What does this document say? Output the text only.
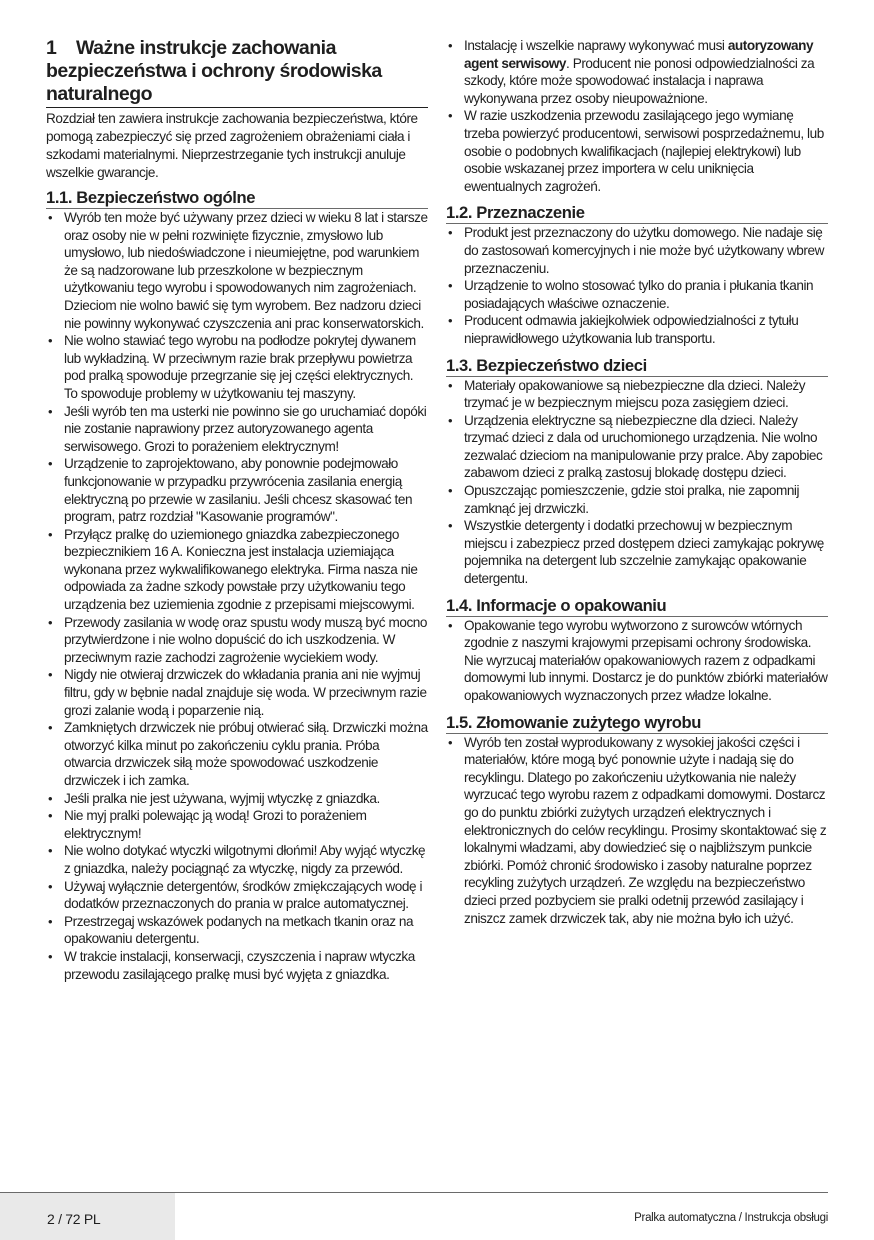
1 Ważne instrukcje zachowania bezpieczeństwa i ochrony środowiska naturalnego

Rozdział ten zawiera instrukcje zachowania bezpieczeństwa, które pomogą zabezpieczyć się przed zagrożeniem obrażeniami ciała i szkodami materialnymi. Nieprzestrzeganie tych instrukcji anuluje wszelkie gwarancje.

1.1. Bezpieczeństwo ogólne
• Wyrób ten może być używany przez dzieci w wieku 8 lat i starsze oraz osoby nie w pełni rozwinięte fizycznie, zmysłowo lub umysłowo, lub niedoświadczone i nieumiejętne, pod warunkiem że są nadzorowane lub przeszkolone w bezpiecznym użytkowaniu tego wyrobu i spowodowanych nim zagrożeniach. Dzieciom nie wolno bawić się tym wyrobem. Bez nadzoru dzieci nie powinny wykonywać czyszczenia ani prac konserwatorskich.
• Nie wolno stawiać tego wyrobu na podłodze pokrytej dywanem lub wykładziną. W przeciwnym razie brak przepływu powietrza pod pralką spowoduje przegrzanie się jej części elektrycznych. To spowoduje problemy w użytkowaniu tej maszyny.
• Jeśli wyrób ten ma usterki nie powinno sie go uruchamiać dopóki nie zostanie naprawiony przez autoryzowanego agenta serwisowego. Grozi to porażeniem elektrycznym!
• Urządzenie to zaprojektowano, aby ponownie podejmowało funkcjonowanie w przypadku przywrócenia zasilania energią elektryczną po przewie w zasilaniu. Jeśli chcesz skasować ten program, patrz rozdział "Kasowanie programów".
• Przyłącz pralkę do uziemionego gniazdka zabezpieczonego bezpiecznikiem 16 A. Konieczna jest instalacja uziemiająca wykonana przez wykwalifikowanego elektryka. Firma nasza nie odpowiada za żadne szkody powstałe przy użytkowaniu tego urządzenia bez uziemienia zgodnie z przepisami miejscowymi.
• Przewody zasilania w wodę oraz spustu wody muszą być mocno przytwierdzone i nie wolno dopuścić do ich uszkodzenia. W przeciwnym razie zachodzi zagrożenie wyciekiem wody.
• Nigdy nie otwieraj drzwiczek do wkładania prania ani nie wyjmuj filtru, gdy w bębnie nadal znajduje się woda. W przeciwnym razie grozi zalanie wodą i poparzenie nią.
• Zamkniętych drzwiczek nie próbuj otwierać siłą. Drzwiczki można otworzyć kilka minut po zakończeniu cyklu prania. Próba otwarcia drzwiczek siłą może spowodować uszkodzenie drzwiczek i ich zamka.
• Jeśli pralka nie jest używana, wyjmij wtyczkę z gniazdka.
• Nie myj pralki polewając ją wodą! Grozi to porażeniem elektrycznym!
• Nie wolno dotykać wtyczki wilgotnymi dłońmi! Aby wyjąć wtyczkę z gniazdka, należy pociągnąć za wtyczkę, nigdy za przewód.
• Używaj wyłącznie detergentów, środków zmiękczających wodę i dodatków przeznaczonych do prania w pralce automatycznej.
• Przestrzegaj wskazówek podanych na metkach tkanin oraz na opakowaniu detergentu.
• W trakcie instalacji, konserwacji, czyszczenia i napraw wtyczka przewodu zasilającego pralkę musi być wyjęta z gniazdka.
• Instalację i wszelkie naprawy wykonywać musi autoryzowany agent serwisowy. Producent nie ponosi odpowiedzialności za szkody, które może spowodować instalacja i naprawa wykonywana przez osoby nieupoważnione.
• W razie uszkodzenia przewodu zasilającego jego wymianę trzeba powierzyć producentowi, serwisowi posprzedażnemu, lub osobie o podobnych kwalifikacjach (najlepiej elektrykowi) lub osobie wskazanej przez importera w celu uniknięcia ewentualnych zagrożeń.
1.2. Przeznaczenie
• Produkt jest przeznaczony do użytku domowego. Nie nadaje się do zastosowań komercyjnych i nie może być użytkowany wbrew przeznaczeniu.
• Urządzenie to wolno stosować tylko do prania i płukania tkanin posiadających właściwe oznaczenie.
• Producent odmawia jakiejkolwiek odpowiedzialności z tytułu nieprawidłowego użytkowania lub transportu.
1.3. Bezpieczeństwo dzieci
• Materiały opakowaniowe są niebezpieczne dla dzieci. Należy trzymać je w bezpiecznym miejscu poza zasięgiem dzieci.
• Urządzenia elektryczne są niebezpieczne dla dzieci. Należy trzymać dzieci z dala od uruchomionego urządzenia. Nie wolno zezwalać dzieciom na manipulowanie przy pralce. Aby zapobiec zabawom dzieci z pralką zastosuj blokadę dostępu dzieci.
• Opuszczając pomieszczenie, gdzie stoi pralka, nie zapomnij zamknąć jej drzwiczki.
• Wszystkie detergenty i dodatki przechowuj w bezpiecznym miejscu i zabezpiecz przed dostępem dzieci zamykając pokrywę pojemnika na detergent lub szczelnie zamykając opakowanie detergentu.
1.4. Informacje o opakowaniu
• Opakowanie tego wyrobu wytworzono z surowców wtórnych zgodnie z naszymi krajowymi przepisami ochrony środowiska. Nie wyrzucaj materiałów opakowaniowych razem z odpadkami domowymi lub innymi. Dostarcz je do punktów zbiórki materiałów opakowaniowych wyznaczonych przez władze lokalne.
1.5. Złomowanie zużytego wyrobu
• Wyrób ten został wyprodukowany z wysokiej jakości części i materiałów, które mogą być ponownie użyte i nadają się do recyklingu. Dlatego po zakończeniu użytkowania nie należy wyrzucać tego wyrobu razem z odpadkami domowymi. Dostarcz go do punktu zbiórki zużytych urządzeń elektrycznych i elektronicznych do celów recyklingu. Prosimy skontaktować się z lokalnymi władzami, aby dowiedzieć się o najbliższym punkcie zbiórki. Pomóż chronić środowisko i zasoby naturalne poprzez recykling zużytych urządzeń. Ze względu na bezpieczeństwo dzieci przed pozbyciem sie pralki odetnij przewód zasilający i zniszcz zamek drzwiczek tak, aby nie można było ich użyć.
2 / 72 PL	Pralka automatyczna / Instrukcja obsługi
